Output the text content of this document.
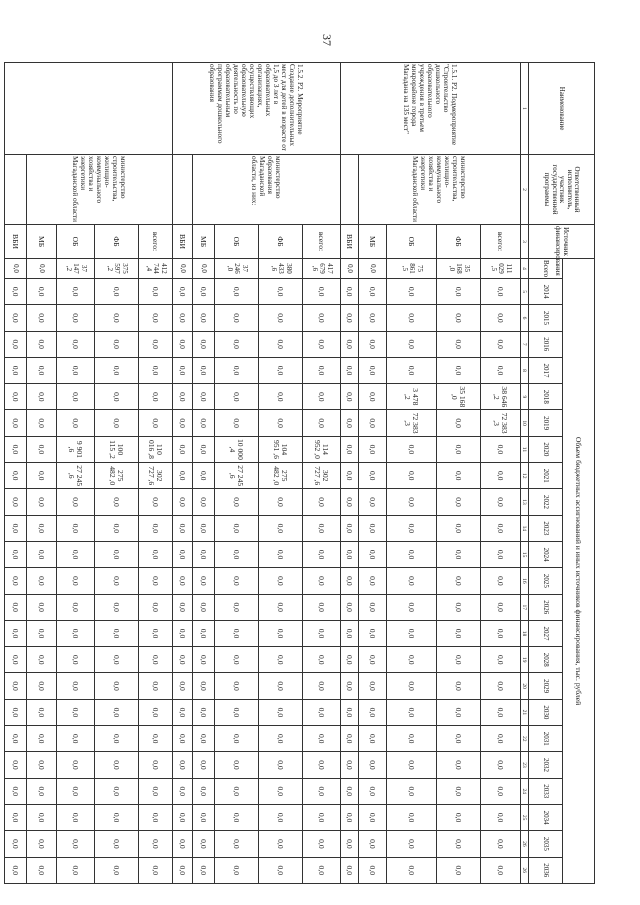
37
Наименование	Ответственный исполнитель, участник государственной программы	Источник финансирования	Объем бюджетных ассигнований и иных источников финансирования, тыс. рублей																							
			Всего	2014	2015	2016	2017	2018	2019	2020	2021	2022	2023	2024	2025	2026	2027	2028	2029	2030	2031	2032	2033	2034	2035	2036
1	2	3	4	5	6	7	8	9	10	11	12	13	14	15	16	17	18	19	20	21	22	23	24	25	26	26
1.5.1. Р2. Подмероприятие "Строительство дошкольного образовательного учреждения в третьем микрорайоне города Магадана на 135 мест"	министерство строительства, жилищно-коммунального хозяйства и энергетики Магаданской области	всего:	111 029 ,5	0,0	0,0	0,0	0,0	38 646 ,2	72 383 ,3	0,0	0,0	0,0	0,0	0,0	0,0	0,0	0,0	0,0	0,0	0,0	0,0	0,0	0,0	0,0	0,0	0,0
		ФБ	35 168 ,0	0,0	0,0	0,0	0,0	35 168 ,0	0,0	0,0	0,0	0,0	0,0	0,0	0,0	0,0	0,0	0,0	0,0	0,0	0,0	0,0	0,0	0,0	0,0	0,0
		ОБ	75 861 ,5	0,0	0,0	0,0	0,0	3 478 ,2	72 383 ,3	0,0	0,0	0,0	0,0	0,0	0,0	0,0	0,0	0,0	0,0	0,0	0,0	0,0	0,0	0,0	0,0	0,0
		МБ	0,0	0,0	0,0	0,0	0,0	0,0	0,0	0,0	0,0	0,0	0,0	0,0	0,0	0,0	0,0	0,0	0,0	0,0	0,0	0,0	0,0	0,0	0,0	0,0
		ВБИ	0,0	0,0	0,0	0,0	0,0	0,0	0,0	0,0	0,0	0,0	0,0	0,0	0,0	0,0	0,0	0,0	0,0	0,0	0,0	0,0	0,0	0,0	0,0	0,0
1.5.2. Р2. Мероприятие Создание дополнительных мест для детей в возрасте от 1,5 до 3 лет в образовательных организациях, осуществляющих образовательную деятельность по образовательным программам дошкольного образования	министерство образования Магаданской области, из них:	всего:	417 679 ,6	0,0	0,0	0,0	0,0	0,0	0,0	114 952 ,0	302 727 ,6	0,0	0,0	0,0	0,0	0,0	0,0	0,0	0,0	0,0	0,0	0,0	0,0	0,0	0,0	0,0
		ФБ	380 433 ,6	0,0	0,0	0,0	0,0	0,0	0,0	104 951 ,6	275 482 ,0	0,0	0,0	0,0	0,0	0,0	0,0	0,0	0,0	0,0	0,0	0,0	0,0	0,0	0,0	0,0
		ОБ	37 246 ,0	0,0	0,0	0,0	0,0	0,0	0,0	10 000 ,4	27 245 ,6	0,0	0,0	0,0	0,0	0,0	0,0	0,0	0,0	0,0	0,0	0,0	0,0	0,0	0,0	0,0
		МБ	0,0	0,0	0,0	0,0	0,0	0,0	0,0	0,0	0,0	0,0	0,0	0,0	0,0	0,0	0,0	0,0	0,0	0,0	0,0	0,0	0,0	0,0	0,0	0,0
		ВБИ	0,0	0,0	0,0	0,0	0,0	0,0	0,0	0,0	0,0	0,0	0,0	0,0	0,0	0,0	0,0	0,0	0,0	0,0	0,0	0,0	0,0	0,0	0,0	0,0
	министерство строительства, жилищно-коммунального хозяйства и энергетики Магаданской области	всего:	412 744 ,4	0,0	0,0	0,0	0,0	0,0	0,0	110 016 ,8	302 727 ,6	0,0	0,0	0,0	0,0	0,0	0,0	0,0	0,0	0,0	0,0	0,0	0,0	0,0	0,0	0,0
		ФБ	375 597 ,2	0,0	0,0	0,0	0,0	0,0	0,0	100 115 ,2	275 482 ,0	0,0	0,0	0,0	0,0	0,0	0,0	0,0	0,0	0,0	0,0	0,0	0,0	0,0	0,0	0,0
		ОБ	37 147 ,2	0,0	0,0	0,0	0,0	0,0	0,0	9 901 ,6	27 245 ,6	0,0	0,0	0,0	0,0	0,0	0,0	0,0	0,0	0,0	0,0	0,0	0,0	0,0	0,0	0,0
		МБ	0,0	0,0	0,0	0,0	0,0	0,0	0,0	0,0	0,0	0,0	0,0	0,0	0,0	0,0	0,0	0,0	0,0	0,0	0,0	0,0	0,0	0,0	0,0	0,0
		ВБИ	0,0	0,0	0,0	0,0	0,0	0,0	0,0	0,0	0,0	0,0	0,0	0,0	0,0	0,0	0,0	0,0	0,0	0,0	0,0	0,0	0,0	0,0	0,0	0,0
